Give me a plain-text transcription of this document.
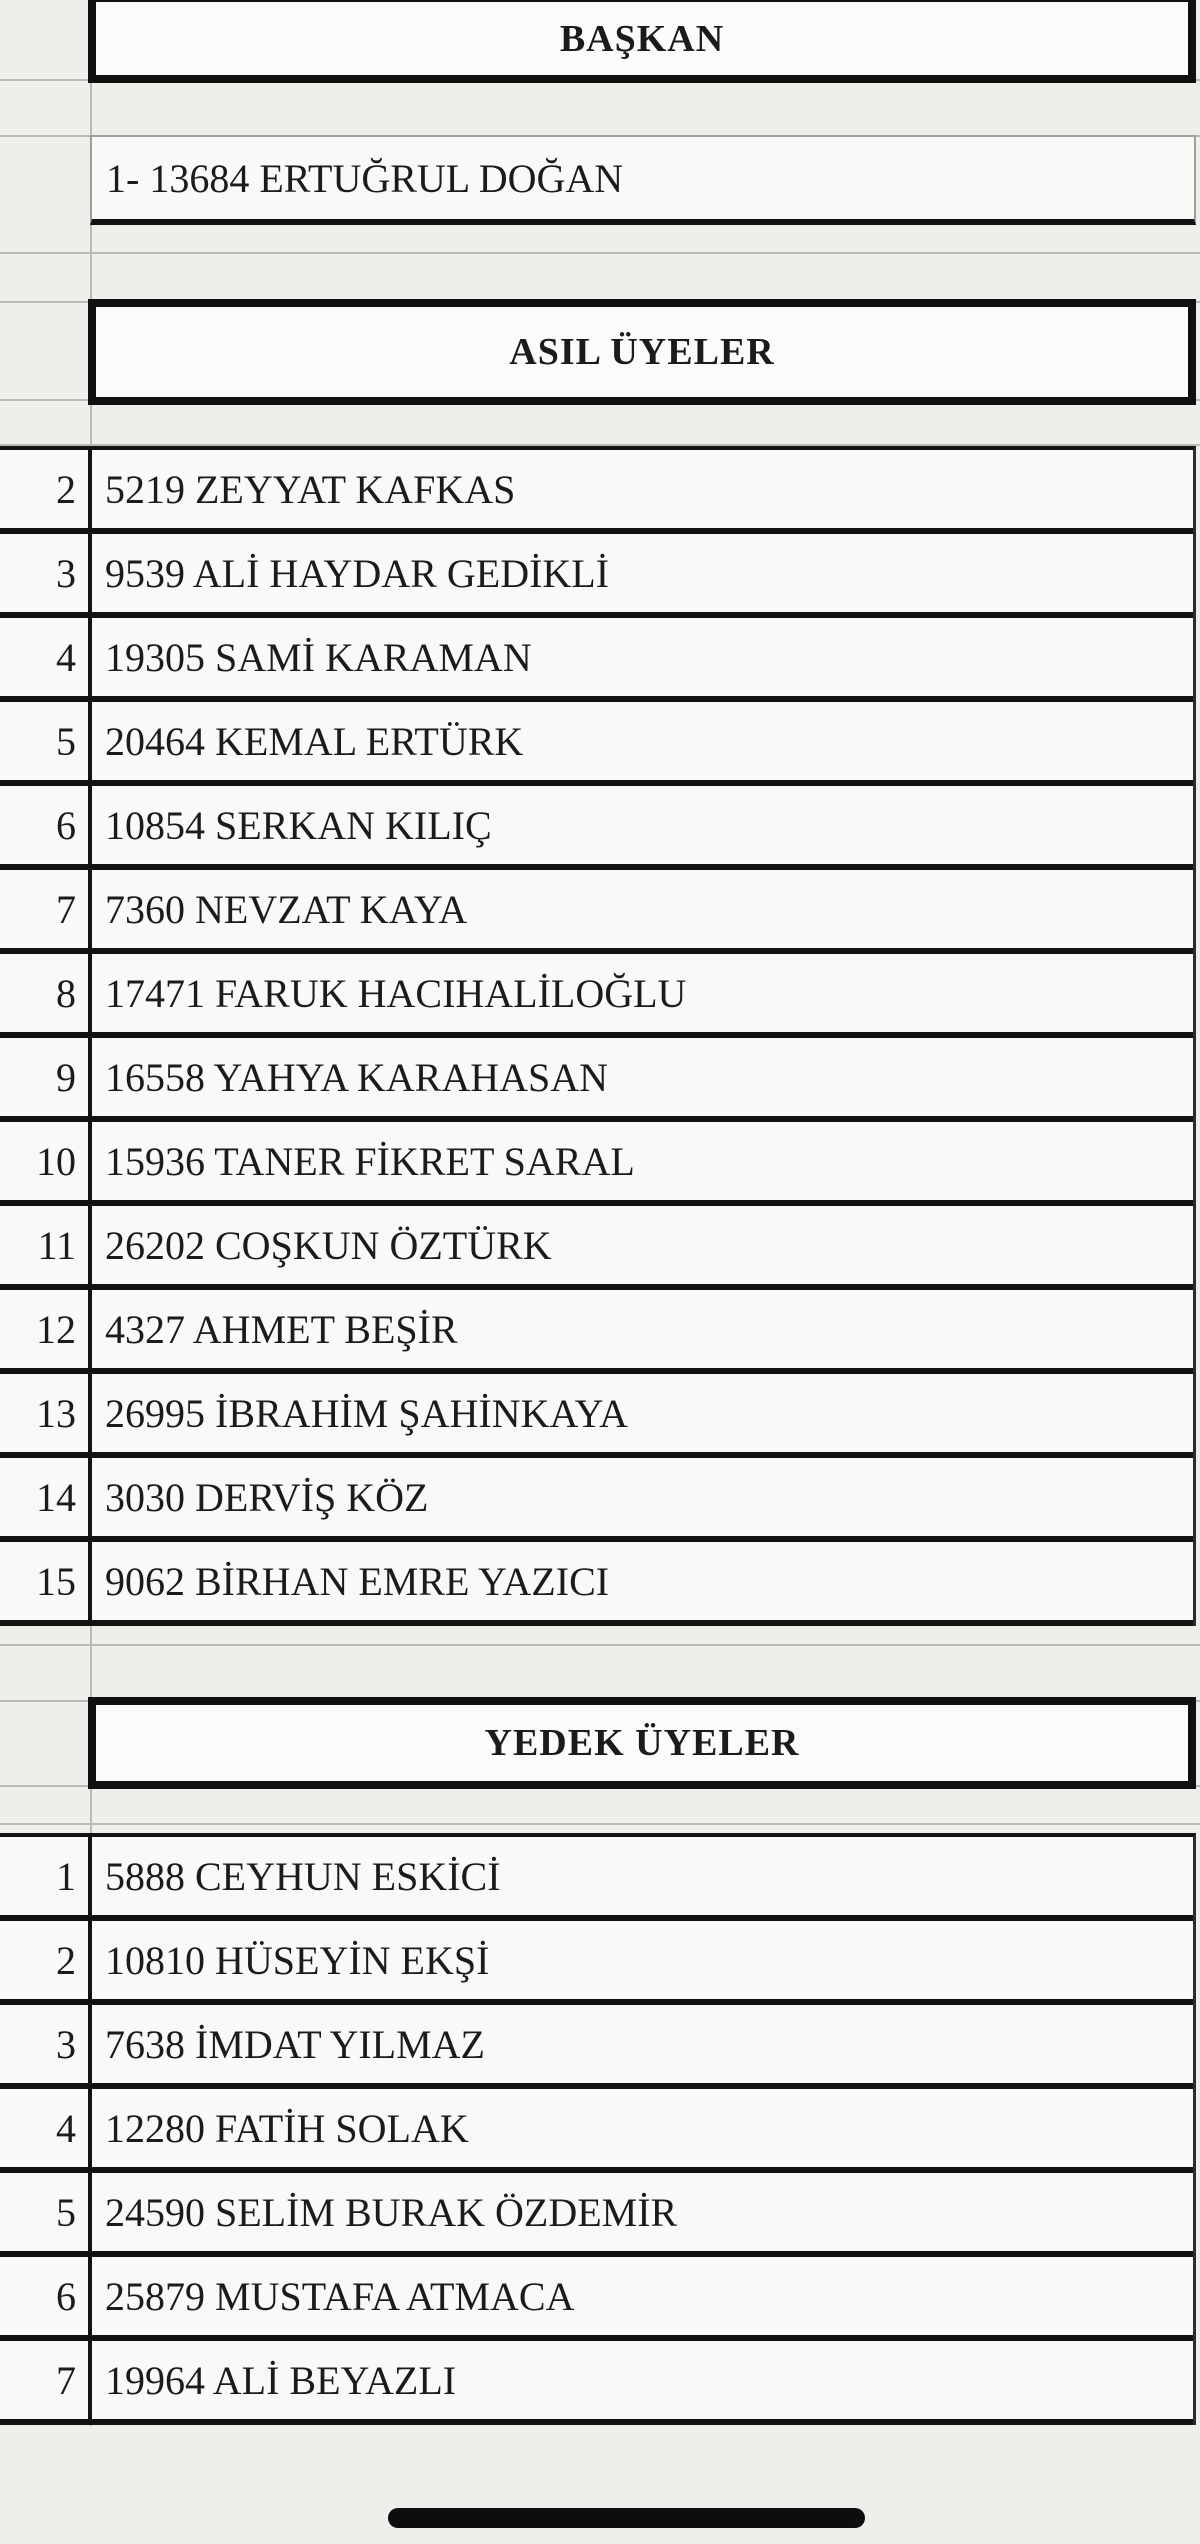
BAŞKAN
1- 13684 ERTUĞRUL DOĞAN
ASIL ÜYELER
2 5219 ZEYYAT KAFKAS
3 9539 ALİ HAYDAR GEDİKLİ
4 19305 SAMİ KARAMAN
5 20464 KEMAL ERTÜRK
6 10854 SERKAN KILIÇ
7 7360 NEVZAT KAYA
8 17471 FARUK HACIHALİLOĞLU
9 16558 YAHYA KARAHASAN
10 15936 TANER FİKRET SARAL
11 26202 COŞKUN ÖZTÜRK
12 4327 AHMET BEŞİR
13 26995 İBRAHİM ŞAHİNKAYA
14 3030 DERVİŞ KÖZ
15 9062 BİRHAN EMRE YAZICI
YEDEK ÜYELER
1 5888 CEYHUN ESKİCİ
2 10810 HÜSEYİN EKŞİ
3 7638 İMDAT YILMAZ
4 12280 FATİH SOLAK
5 24590 SELİM BURAK ÖZDEMİR
6 25879 MUSTAFA ATMACA
7 19964 ALİ BEYAZLI
